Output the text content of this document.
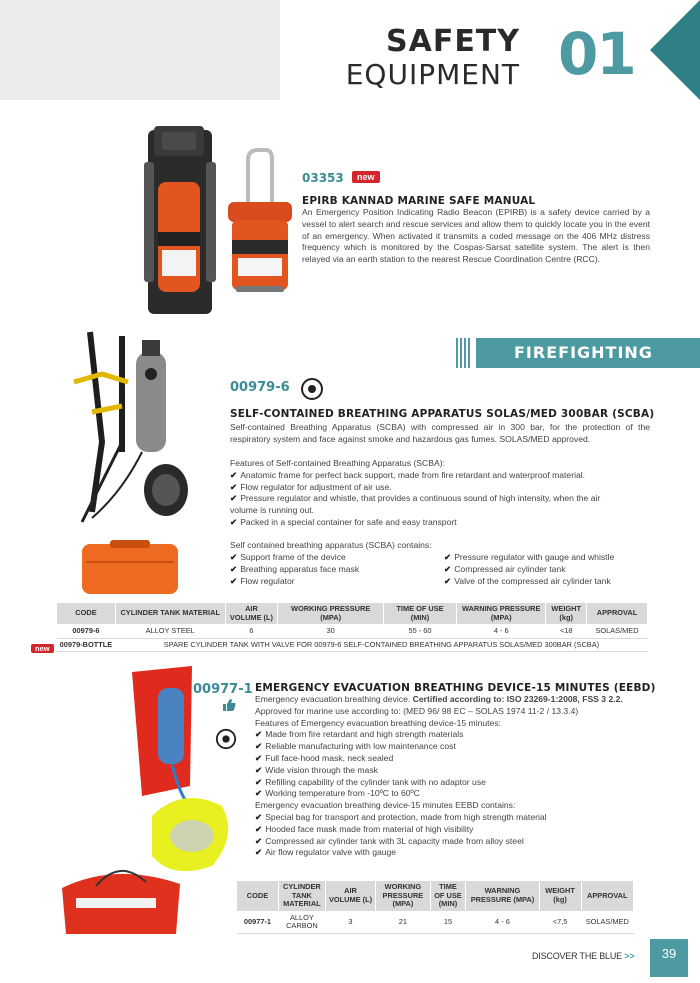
SAFETY
EQUIPMENT 01
03353	new
EPIRB KANNAD MARINE SAFE MANUAL
An Emergency Position Indicating Radio Beacon (EPIRB) is a safety device carried by a vessel to alert search and rescue services and allow them to quickly locate you in the event of an emergency. When activated it transmits a coded message on the 406 MHz distress frequency which is monitored by the Cospas-Sarsat satellite system. The alert is then relayed via an earth station to the nearest Rescue Coordination Centre (RCC).
FIREFIGHTING
00979-6
SELF-CONTAINED BREATHING APPARATUS SOLAS/MED 300BAR (SCBA)
Self-contained Breathing Apparatus (SCBA) with compressed air in 300 bar, for the protection of the respiratory system and face against smoke and hazardous gas fumes. SOLAS/MED approved.
Features of Self-contained Breathing Apparatus (SCBA):
✔ Anatomic frame for perfect back support, made from fire retardant and waterproof material.
✔ Flow regulator for adjustment of air use.
✔ Pressure regulator and whistle, that provides a continuous sound of high intensity, when the air
volume is running out.
✔ Packed in a special container for safe and easy transport
Self contained breathing apparatus (SCBA) contains:
✔ Support frame of the device
✔ Breathing apparatus face mask
✔ Flow regulator
✔ Pressure regulator with gauge and whistle
✔ Compressed air cylinder tank
✔ Valve of the compressed air cylinder tank
CODE	CYLINDER TANK MATERIAL	AIR VOLUME (L)	WORKING PRESSURE (MPA)	TIME OF USE (MIN)	WARNING PRESSURE (MPA)	WEIGHT (kg)	APPROVAL
00979-6	ALLOY STEEL	6	30	55 - 60	4 - 6	<18	SOLAS/MED
00979-BOTTLE	SPARE CYLINDER TANK WITH VALVE FOR 00979-6 SELF-CONTAINED BREATHING APPARATUS SOLAS/MED 300BAR (SCBA)						
new
00977-1 EMERGENCY EVACUATION BREATHING DEVICE-15 MINUTES (EEBD)
Emergency evacuation breathing device. Certified according to: ISO 23269-1:2008, FSS 3 2.2.
Approved for marine use according to: (MED 96/ 98 EC – SOLAS 1974 11-2 / 13.3.4)
Features of Emergency evacuation breathing device-15 minutes:
✔ Made from fire retardant and high strength materials
✔ Reliable manufacturing with low maintenance cost
✔ Full face-hood mask, neck sealed
✔ Wide vision through the mask
✔ Refilling capability of the cylinder tank with no adaptor use
✔ Working temperature from -10ºC to 60ºC
Emergency evacuation breathing device-15 minutes EEBD contains:
✔ Special bag for transport and protection, made from high strength material
✔ Hooded face mask made from material of high visibility
✔ Compressed air cylinder tank with 3L capacity made from alloy steel
✔ Air flow regulator valve with gauge
CODE	CYLINDER TANK MATERIAL	AIR VOLUME (L)	WORKING PRESSURE (MPA)	TIME OF USE (MIN)	WARNING PRESSURE (MPA)	WEIGHT (kg)	APPROVAL
00977-1	ALLOY CARBON	3	21	15	4 - 6	<7,5	SOLAS/MED
DISCOVER THE BLUE >>	39
